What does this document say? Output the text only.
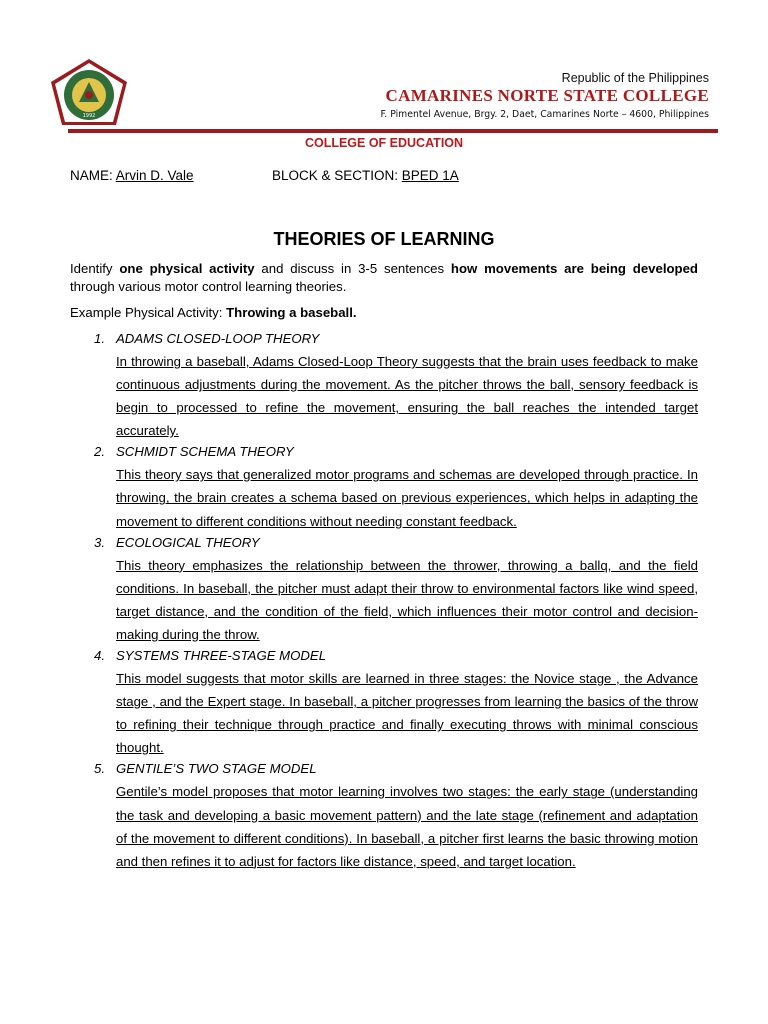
1992
Republic of the Philippines
CAMARINES NORTE STATE COLLEGE
F. Pimentel Avenue, Brgy. 2, Daet, Camarines Norte – 4600, Philippines
COLLEGE OF EDUCATION
NAME: Arvin D. Vale	BLOCK & SECTION: BPED 1A
THEORIES OF LEARNING

Identify one physical activity and discuss in 3-5 sentences how movements are being developed through various motor control learning theories.

Example Physical Activity: Throwing a baseball.

1. ADAMS CLOSED-LOOP THEORY
In throwing a baseball, Adams Closed-Loop Theory suggests that the brain uses feedback to make continuous adjustments during the movement. As the pitcher throws the ball, sensory feedback is begin to processed to refine the movement, ensuring the ball reaches the intended target accurately.
2. SCHMIDT SCHEMA THEORY
This theory says that generalized motor programs and schemas are developed through practice. In throwing, the brain creates a schema based on previous experiences, which helps in adapting the movement to different conditions without needing constant feedback.
3. ECOLOGICAL THEORY
This theory emphasizes the relationship between the thrower, throwing a ballq, and the field conditions. In baseball, the pitcher must adapt their throw to environmental factors like wind speed, target distance, and the condition of the field, which influences their motor control and decision-making during the throw.
4. SYSTEMS THREE-STAGE MODEL
This model suggests that motor skills are learned in three stages: the Novice stage , the Advance stage , and the Expert stage. In baseball, a pitcher progresses from learning the basics of the throw to refining their technique through practice and finally executing throws with minimal conscious thought.
5. GENTILE’S TWO STAGE MODEL
Gentile’s model proposes that motor learning involves two stages: the early stage (understanding the task and developing a basic movement pattern) and the late stage (refinement and adaptation of the movement to different conditions). In baseball, a pitcher first learns the basic throwing motion and then refines it to adjust for factors like distance, speed, and target location.
